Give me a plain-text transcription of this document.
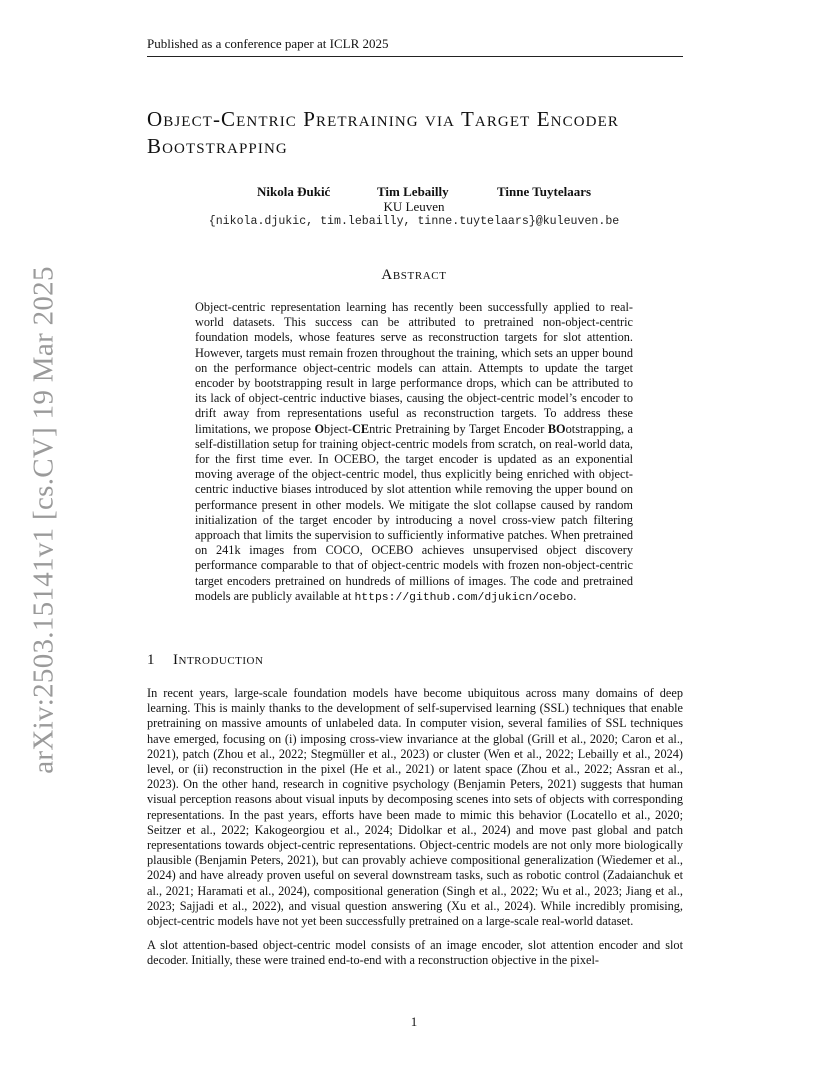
Published as a conference paper at ICLR 2025
Object-Centric Pretraining via Target Encoder Bootstrapping
Nikola Đukić	Tim Lebailly	Tinne Tuytelaars
KU Leuven
{nikola.djukic, tim.lebailly, tinne.tuytelaars}@kuleuven.be
Abstract
Object-centric representation learning has recently been successfully applied to real-world datasets. This success can be attributed to pretrained non-object-centric foundation models, whose features serve as reconstruction targets for slot attention. However, targets must remain frozen throughout the training, which sets an upper bound on the performance object-centric models can attain. Attempts to update the target encoder by bootstrapping result in large performance drops, which can be attributed to its lack of object-centric inductive biases, causing the object-centric model’s encoder to drift away from representations useful as reconstruction targets. To address these limitations, we propose Object-CEntric Pretraining by Target Encoder BOotstrapping, a self-distillation setup for training object-centric models from scratch, on real-world data, for the first time ever. In OCEBO, the target encoder is updated as an exponential moving average of the object-centric model, thus explicitly being enriched with object-centric inductive biases introduced by slot attention while removing the upper bound on performance present in other models. We mitigate the slot collapse caused by random initialization of the target encoder by introducing a novel cross-view patch filtering approach that limits the supervision to sufficiently informative patches. When pretrained on 241k images from COCO, OCEBO achieves unsupervised object discovery performance comparable to that of object-centric models with frozen non-object-centric target encoders pretrained on hundreds of millions of images. The code and pretrained models are publicly available at https://github.com/djukicn/ocebo.
1 Introduction

In recent years, large-scale foundation models have become ubiquitous across many domains of deep learning. This is mainly thanks to the development of self-supervised learning (SSL) techniques that enable pretraining on massive amounts of unlabeled data. In computer vision, several families of SSL techniques have emerged, focusing on (i) imposing cross-view invariance at the global (Grill et al., 2020; Caron et al., 2021), patch (Zhou et al., 2022; Stegmüller et al., 2023) or cluster (Wen et al., 2022; Lebailly et al., 2024) level, or (ii) reconstruction in the pixel (He et al., 2021) or latent space (Zhou et al., 2022; Assran et al., 2023). On the other hand, research in cognitive psychology (Benjamin Peters, 2021) suggests that human visual perception reasons about visual inputs by decomposing scenes into sets of objects with corresponding representations. In the past years, efforts have been made to mimic this behavior (Locatello et al., 2020; Seitzer et al., 2022; Kakogeorgiou et al., 2024; Didolkar et al., 2024) and move past global and patch representations towards object-centric representations. Object-centric models are not only more biologically plausible (Benjamin Peters, 2021), but can provably achieve compositional generalization (Wiedemer et al., 2024) and have already proven useful on several downstream tasks, such as robotic control (Zadaianchuk et al., 2021; Haramati et al., 2024), compositional generation (Singh et al., 2022; Wu et al., 2023; Jiang et al., 2023; Sajjadi et al., 2022), and visual question answering (Xu et al., 2024). While incredibly promising, object-centric models have not yet been successfully pretrained on a large-scale real-world dataset.

A slot attention-based object-centric model consists of an image encoder, slot attention encoder and slot decoder. Initially, these were trained end-to-end with a reconstruction objective in the pixel-

1
arXiv:2503.15141v1 [cs.CV] 19 Mar 2025
